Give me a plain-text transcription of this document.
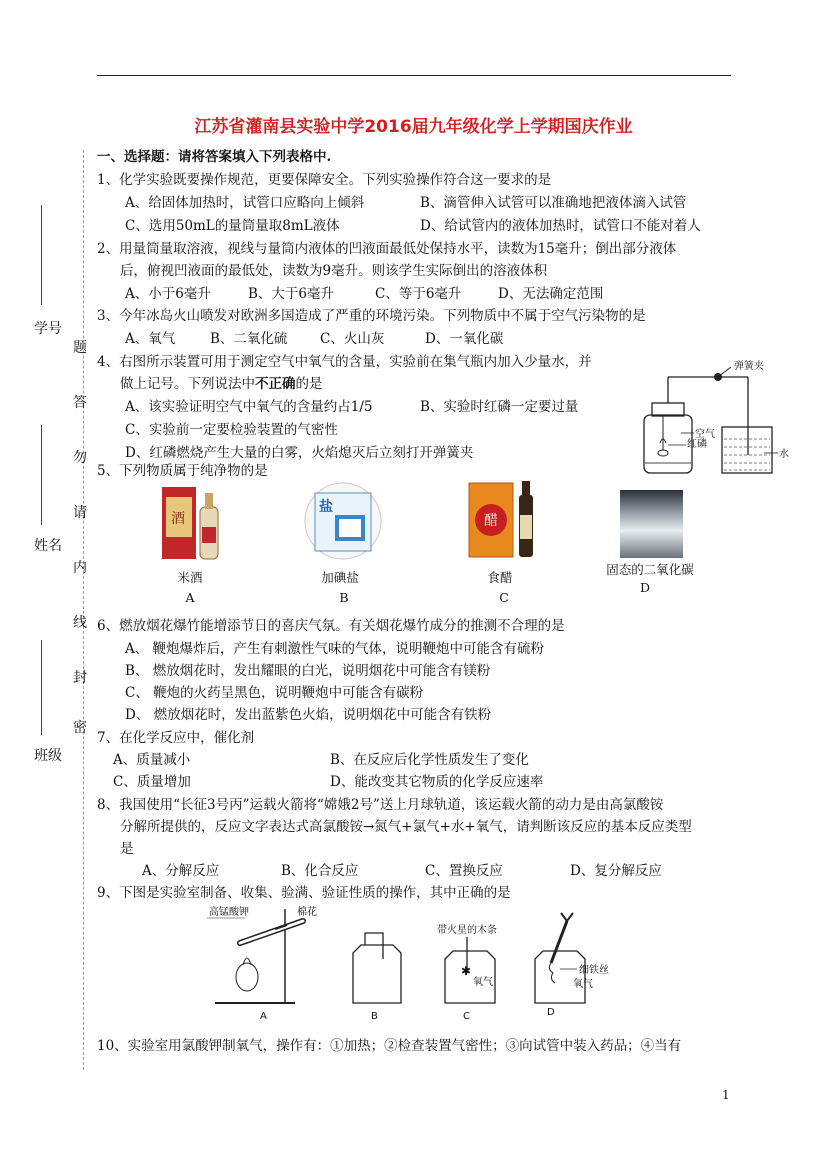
江苏省灌南县实验中学2016届九年级化学上学期国庆作业
学号
姓名
班级
题
答
勿
请
内
线
封
密
一、选择题：请将答案填入下列表格中.
1、化学实验既要操作规范，更要保障安全。下列实验操作符合这一要求的是
A、给固体加热时，试管口应略向上倾斜	B、滴管伸入试管可以准确地把液体滴入试管
C、选用50mL的量筒量取8mL液体	D、给试管内的液体加热时，试管口不能对着人
2、用量筒量取溶液，视线与量筒内液体的凹液面最低处保持水平，读数为15毫升；倒出部分液体
后，俯视凹液面的最低处，读数为9毫升。则该学生实际倒出的溶液体积
A、小于6毫升	B、大于6毫升	C、等于6毫升	D、无法确定范围
3、今年冰岛火山喷发对欧洲多国造成了严重的环境污染。下列物质中不属于空气污染物的是
A、氧气	B、二氧化硫 C、火山灰	D、一氧化碳
4、右图所示装置可用于测定空气中氧气的含量，实验前在集气瓶内加入少量水，并
做上记号。下列说法中不正确的是
A、该实验证明空气中氧气的含量约占1/5	B、实验时红磷一定要过量
C、实验前一定要检验装置的气密性
D、红磷燃烧产生大量的白雾，火焰熄灭后立刻打开弹簧夹
弹簧夹
空气
红磷
水
5、下列物质属于纯净物的是
酒
盐
醋
米酒
A
加碘盐
B
食醋
C
固态的二氧化碳
D
6、燃放烟花爆竹能增添节日的喜庆气氛。有关烟花爆竹成分的推测不合理的是
A、 鞭炮爆炸后，产生有刺激性气味的气体，说明鞭炮中可能含有硫粉
B、 燃放烟花时，发出耀眼的白光，说明烟花中可能含有镁粉
C、 鞭炮的火药呈黑色，说明鞭炮中可能含有碳粉
D、 燃放烟花时，发出蓝紫色火焰，说明烟花中可能含有铁粉
7、在化学反应中，催化剂
A、质量减小	B、在反应后化学性质发生了变化
C、质量增加	D、能改变其它物质的化学反应速率
8、我国使用“长征3号丙”运载火箭将“嫦娥2号”送上月球轨道，该运载火箭的动力是由高氯酸铵
分解所提供的，反应文字表达式高氯酸铵→氮气+氯气+水+氧气，请判断该反应的基本反应类型
是
A、分解反应	B、化合反应	C、置换反应	D、复分解反应
9、下图是实验室制备、收集、验满、验证性质的操作，其中正确的是
高锰酸钾	棉花
A	B
带火星的木条
✱
氧气
C
细铁丝
氧气
D
10、实验室用氯酸钾制氧气，操作有：①加热；②检查装置气密性；③向试管中装入药品；④当有
1
